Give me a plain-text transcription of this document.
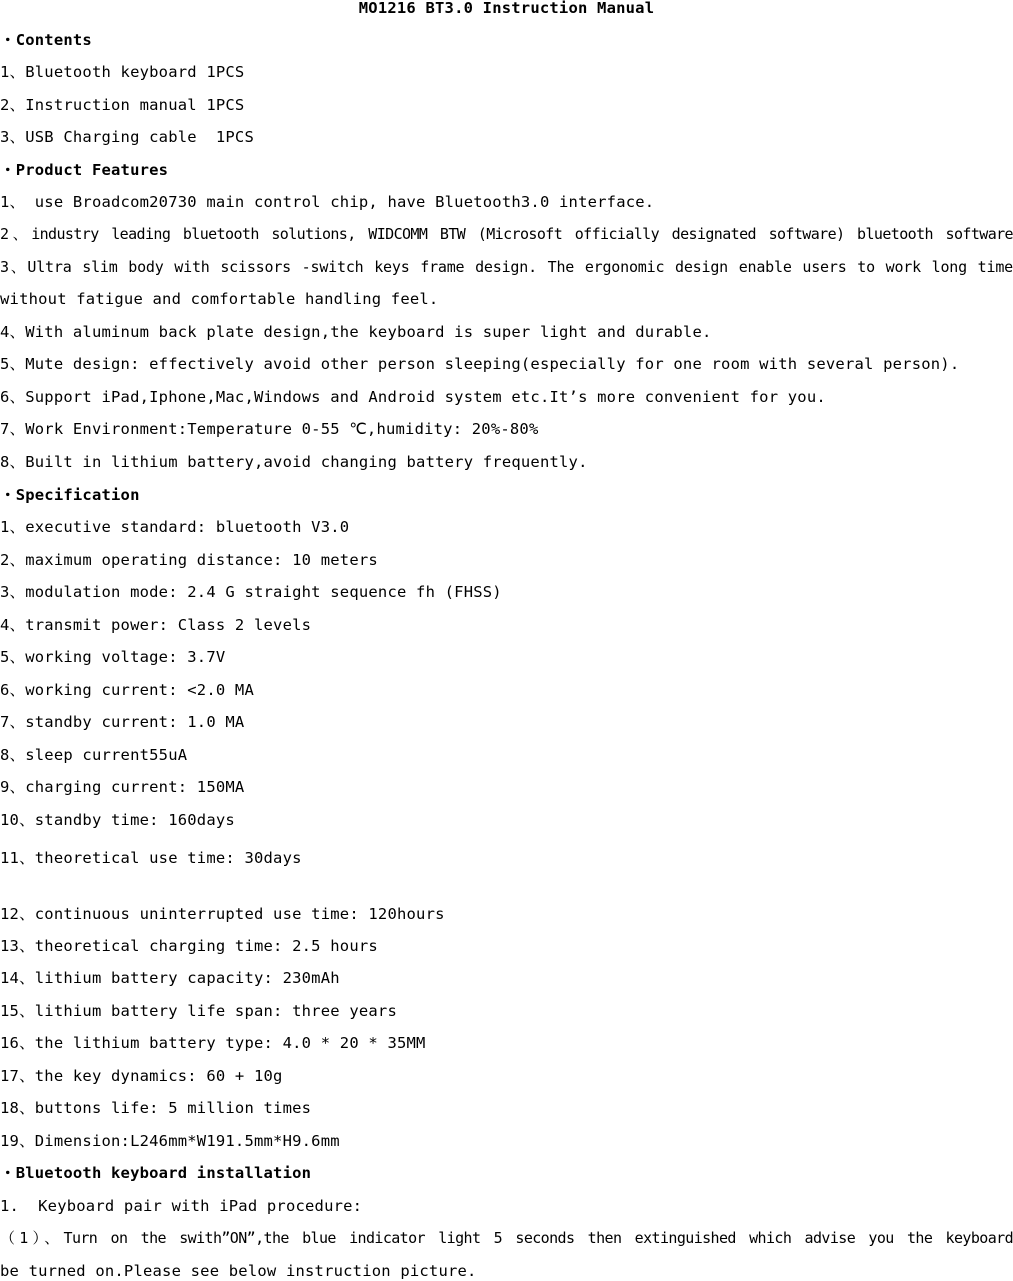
MO1216 BT3.0 Instruction Manual
・Contents
1、Bluetooth keyboard 1PCS
2、Instruction manual 1PCS
3、USB Charging cable  1PCS
・Product Features
1、 use Broadcom20730 main control chip, have Bluetooth3.0 interface.
2、industry leading bluetooth solutions, WIDCOMM BTW (Microsoft officially designated software) bluetooth software
3、Ultra slim body with scissors -switch keys frame design. The ergonomic design enable users to work long time
without fatigue and comfortable handling feel.
4、With aluminum back plate design,the keyboard is super light and durable.
5、Mute design: effectively avoid other person sleeping(especially for one room with several person).
6、Support iPad,Iphone,Mac,Windows and Android system etc.It’s more convenient for you.
7、Work Environment:Temperature 0-55 ℃,humidity: 20%-80%
8、Built in lithium battery,avoid changing battery frequently.
・Specification
1、executive standard: bluetooth V3.0
2、maximum operating distance: 10 meters
3、modulation mode: 2.4 G straight sequence fh (FHSS)
4、transmit power: Class 2 levels
5、working voltage: 3.7V
6、working current: <2.0 MA
7、standby current: 1.0 MA
8、sleep current55uA
9、charging current: 150MA
10、standby time: 160days
11、theoretical use time: 30days
12、continuous uninterrupted use time: 120hours
13、theoretical charging time: 2.5 hours
14、lithium battery capacity: 230mAh
15、lithium battery life span: three years
16、the lithium battery type: 4.0 * 20 * 35MM
17、the key dynamics: 60 + 10g
18、buttons life: 5 million times
19、Dimension:L246mm*W191.5mm*H9.6mm
・Bluetooth keyboard installation
1.  Keyboard pair with iPad procedure:
（1）、Turn on the swith”ON”,the blue indicator light 5 seconds then extinguished which advise you the keyboard
be turned on.Please see below instruction picture.
